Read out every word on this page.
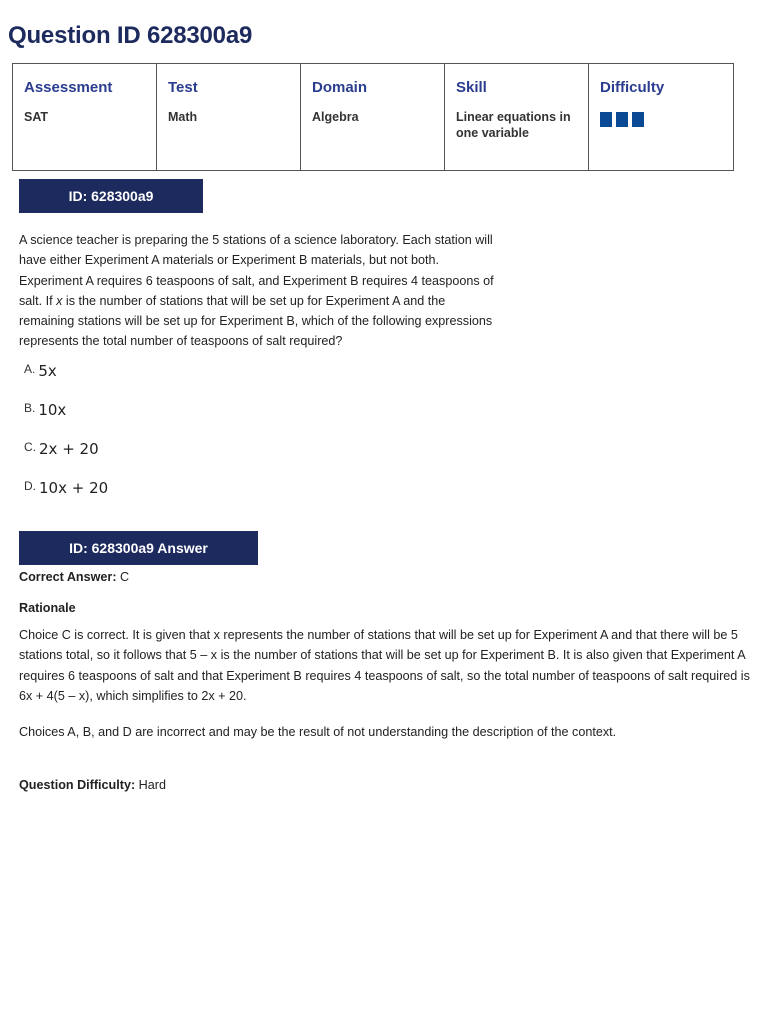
Question ID 628300a9
Assessment	Test	Domain	Skill	Difficulty
SAT	Math	Algebra	Linear equations in one variable	
ID: 628300a9

A science teacher is preparing the 5 stations of a science laboratory. Each station will have either Experiment A materials or Experiment B materials, but not both. Experiment A requires 6 teaspoons of salt, and Experiment B requires 4 teaspoons of salt. If x is the number of stations that will be set up for Experiment A and the remaining stations will be set up for Experiment B, which of the following expressions represents the total number of teaspoons of salt required?

A. 5x
B. 10x
C. 2x + 20
D. 10x + 20
ID: 628300a9 Answer

Correct Answer: C

Rationale

Choice C is correct. It is given that x represents the number of stations that will be set up for Experiment A and that there will be 5 stations total, so it follows that 5 – x is the number of stations that will be set up for Experiment B. It is also given that Experiment A requires 6 teaspoons of salt and that Experiment B requires 4 teaspoons of salt, so the total number of teaspoons of salt required is 6x + 4(5 – x), which simplifies to 2x + 20.

Choices A, B, and D are incorrect and may be the result of not understanding the description of the context.

Question Difficulty: Hard
